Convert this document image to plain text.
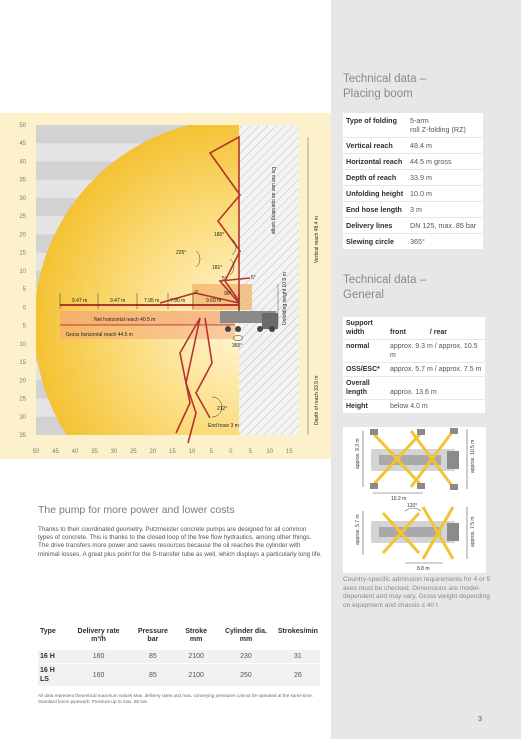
Technical data –
Placing boom
Type of folding	5-arm
roll Z-folding (RZ)

Vertical reach	48.4 m
Horizontal reach	44.5 m gross
Depth of reach	33.9 m
Unfolding height	10.0 m
End hose length	3 m
Delivery lines	DN 125, max. 85 bar
Slewing circle	365°
Technical data –
General
Support
width	front / rear
normal	approx. 9.3 m / approx. 10.5 m
OSS/ESC*	approx. 5.7 m / approx. 7.5 m
Overall length	approx. 13.6 m
Height	below 4.0 m
approx. 9.3 m	approx. 10.5 m
10.2 m
120°
approx. 5.7 m	approx. 7.5 m
8.8 m
Country-specific admission requirements for 4 or 5 axes must be checked. Dimensions are model-dependent and may vary. Gross weight depending on equipment and chassis ≤ 40 t
50
45
40
35
30
25
20
15
10
5
0
5
10
15
20
25
30
35
50 45 40 35 30 25 20 15 10 5	0	5 10 15
9.47 m	9.47 m	7.95 m 7.90 m	9.69 m
Net horizontal reach 40.5 m
Gross horizontal reach 44.5 m
180°
225°
181°
5°	5°
3°	90°
365°
212°
End hose 3 m
Do not use as operating range
Vertical reach 48.4 m
Unfolding height 10.0 m
Depth of reach 33.9 m
The pump for more power and lower costs
Thanks to their coordinated geometry, Putzmeister concrete pumps are designed for all common types of concrete. This is thanks to the closed loop of the free flow hydraulics, among other things. The drive transfers more power and saves resources because the oil reaches the cylinder with minimal losses. A great plus point for the S-transfer tube as well, which displays a particularly long life.
Type	Delivery rate m³/h	Pressure bar	Stroke mm	Cylinder dia. mm	Strokes/min
16 H	160	85	2100	230	31
16 H LS	160	85	2100	250	26
All data represent theoretical maximum values Max. delivery rates and max. conveying pressures cannot be operated at the same time.
Standard boom pipework: Pressure up to max. 85 bar.
3
